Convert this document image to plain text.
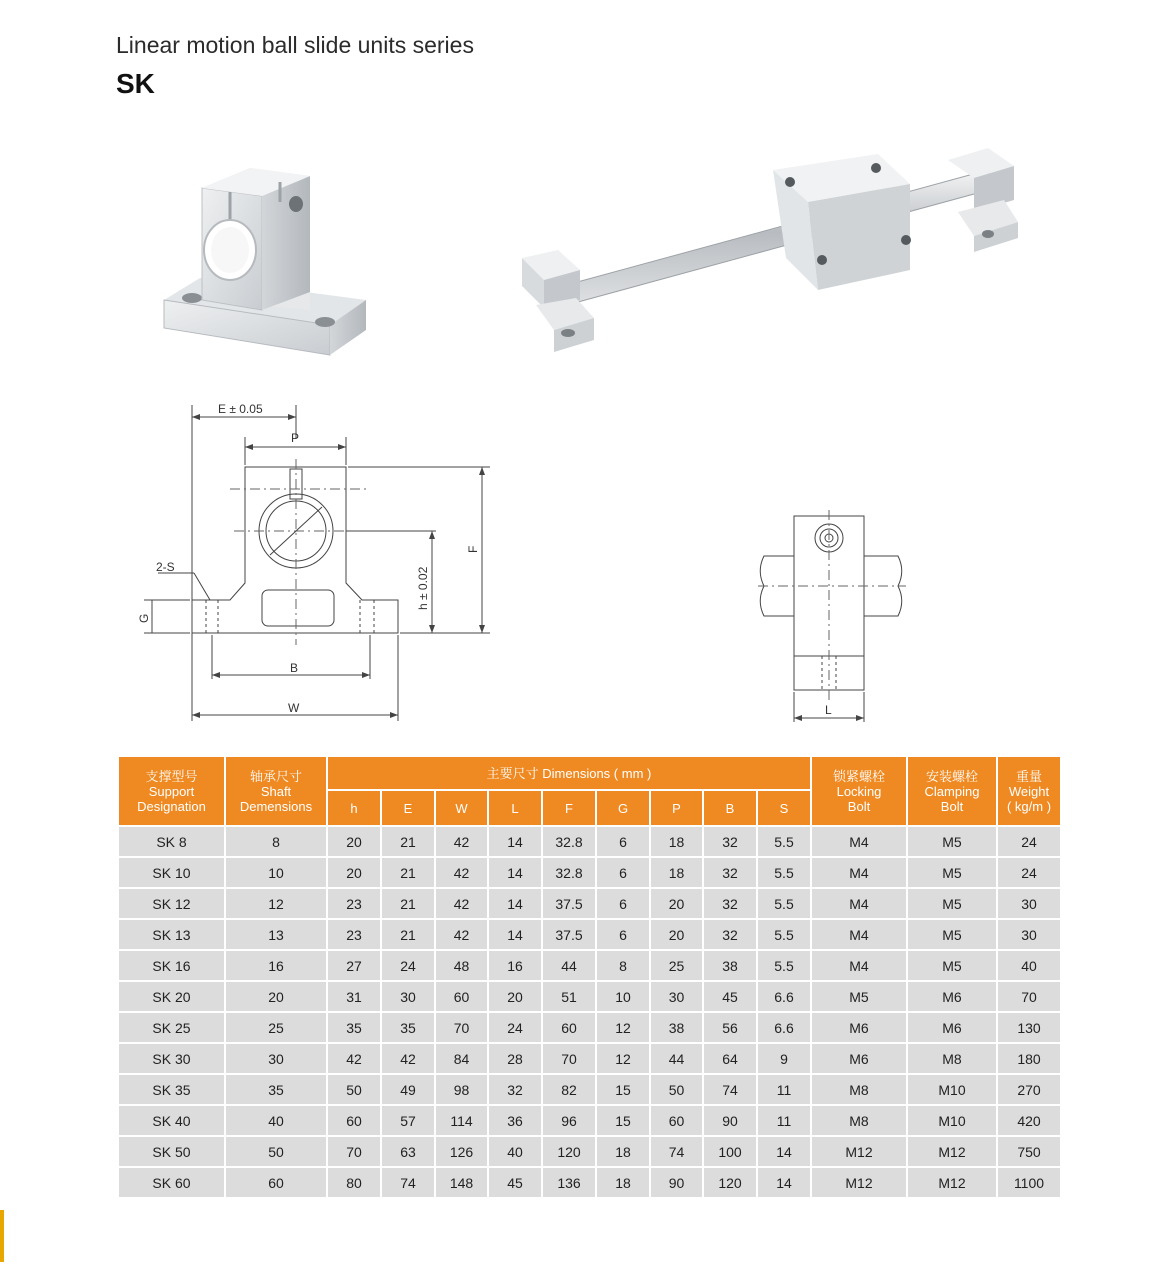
Linear motion ball slide units series
SK
E ± 0.05
P
2-S
B
W
G
h ± 0.02
F
L
支撑型号
Support
Designation	轴承尺寸
Shaft
Demensions	主要尺寸 Dimensions ( mm )									锁紧螺栓
Locking
Bolt	安装螺栓
Clamping
Bolt	重量
Weight
( kg/m )

		h	E	W	L	F	G	P	B	S			
SK 8	8	20	21	42	14	32.8	6	18	32	5.5	M4	M5	24
SK 10	10	20	21	42	14	32.8	6	18	32	5.5	M4	M5	24
SK 12	12	23	21	42	14	37.5	6	20	32	5.5	M4	M5	30
SK 13	13	23	21	42	14	37.5	6	20	32	5.5	M4	M5	30
SK 16	16	27	24	48	16	44	8	25	38	5.5	M4	M5	40
SK 20	20	31	30	60	20	51	10	30	45	6.6	M5	M6	70
SK 25	25	35	35	70	24	60	12	38	56	6.6	M6	M6	130
SK 30	30	42	42	84	28	70	12	44	64	9	M6	M8	180
SK 35	35	50	49	98	32	82	15	50	74	11	M8	M10	270
SK 40	40	60	57	114	36	96	15	60	90	11	M8	M10	420
SK 50	50	70	63	126	40	120	18	74	100	14	M12	M12	750
SK 60	60	80	74	148	45	136	18	90	120	14	M12	M12	1100
